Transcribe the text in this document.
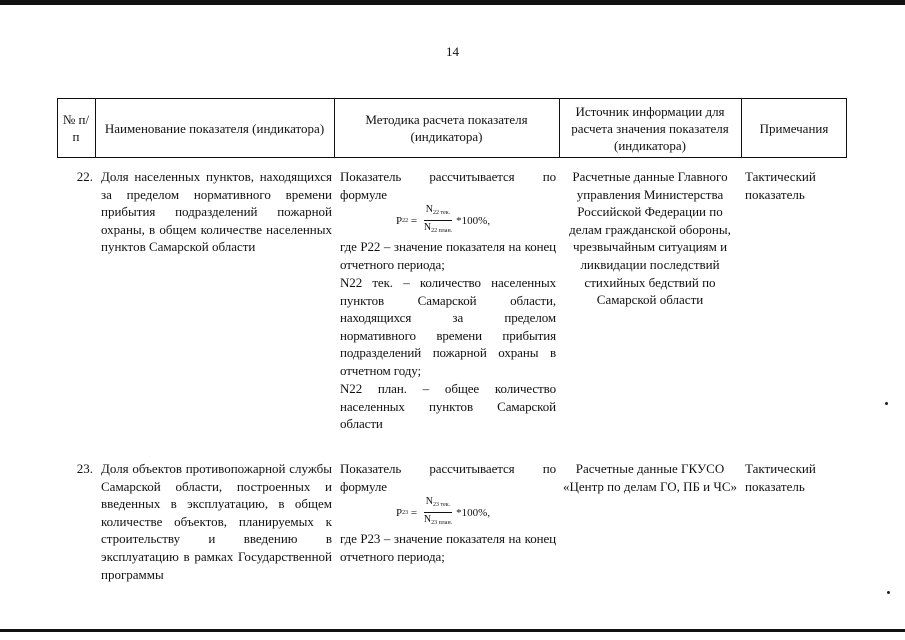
14
№ п/п
Наименование показателя (индикатора)
Методика расчета показателя (индикатора)
Источник информации для расчета значения показателя (индикатора)
Примечания
22. Доля населенных пунктов, находящихся за пределом нормативного времени прибытия подразделений пожарной охраны, в общем количестве населенных пунктов Самарской области
Показатель рассчитывается по формуле
P $22 = \frac{N_{22 тек.}}{N_{22 план.}} *100\%$,
где P22 – значение показателя на конец отчетного периода;
N22 тек. – количество населенных пунктов Самарской области, находящихся за пределом нормативного времени прибытия подразделений пожарной охраны в отчетном году;
N22 план. – общее количество населенных пунктов Самарской области
Расчетные данные Главного управления Министерства Российской Федерации по делам гражданской обороны, чрезвычайным ситуациям и ликвидации последствий стихийных бедствий по Самарской области
Тактический показатель
23. Доля объектов противопожарной службы Самарской области, построенных и введенных в эксплуатацию, в общем количестве объектов, планируемых к строительству и введению в эксплуатацию в рамках Государственной программы
Показатель рассчитывается по формуле
P $23 = \frac{N_{23 тек.}}{N_{23 план.}} *100\%$,
где P23 – значение показателя на конец отчетного периода;
Расчетные данные ГКУСО «Центр по делам ГО, ПБ и ЧС»
Тактический показатель
